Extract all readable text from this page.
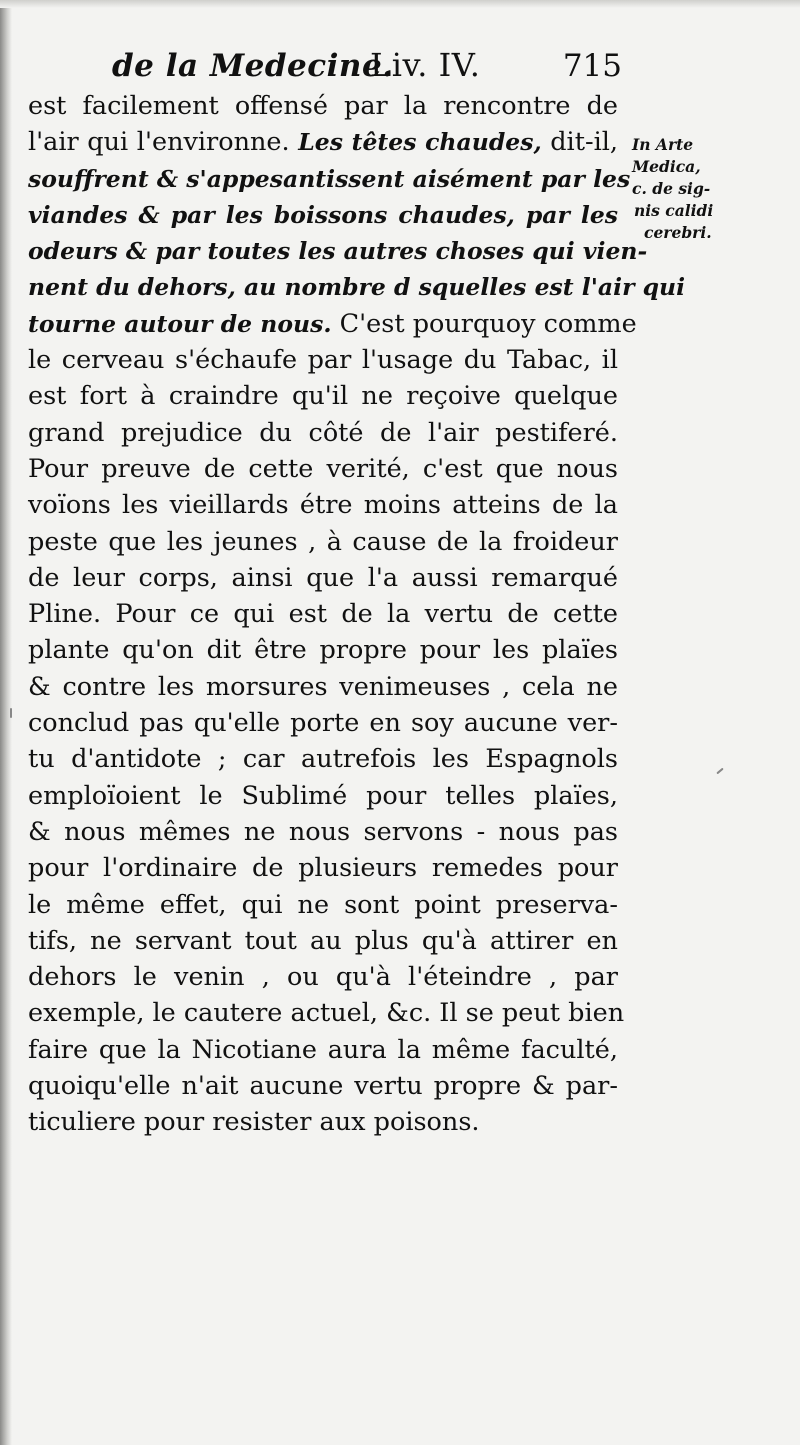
de la Medecine.
Liv. IV.	715
est facilement offensé par la rencontre de
l'air qui l'environne. Les têtes chaudes, dit-il,
souffrent & s'appesantissent aisément par les
viandes & par les boissons chaudes, par les
odeurs & par toutes les autres choses qui vien-
nent du dehors, au nombre d squelles est l'air qui
tourne autour de nous. C'est pourquoy comme
le cerveau s'échaufe par l'usage du Tabac, il
est fort à craindre qu'il ne reçoive quelque
grand prejudice du côté de l'air pestiferé.
Pour preuve de cette verité, c'est que nous
voïons les vieillards étre moins atteins de la
peste que les jeunes , à cause de la froideur
de leur corps, ainsi que l'a aussi remarqué
Pline. Pour ce qui est de la vertu de cette
plante qu'on dit être propre pour les plaïes
& contre les morsures venimeuses , cela ne
conclud pas qu'elle porte en soy aucune ver-
tu d'antidote ; car autrefois les Espagnols
emploïoient le Sublimé pour telles plaïes,
& nous mêmes ne nous servons - nous pas
pour l'ordinaire de plusieurs remedes pour
le même effet, qui ne sont point preserva-
tifs, ne servant tout au plus qu'à attirer en
dehors le venin , ou qu'à l'éteindre , par
exemple, le cautere actuel, &c. Il se peut bien
faire que la Nicotiane aura la même faculté,
quoiqu'elle n'ait aucune vertu propre & par-
ticuliere pour resister aux poisons.
In Arte
Medica,
c. de sig-
nis calidi
cerebri.
